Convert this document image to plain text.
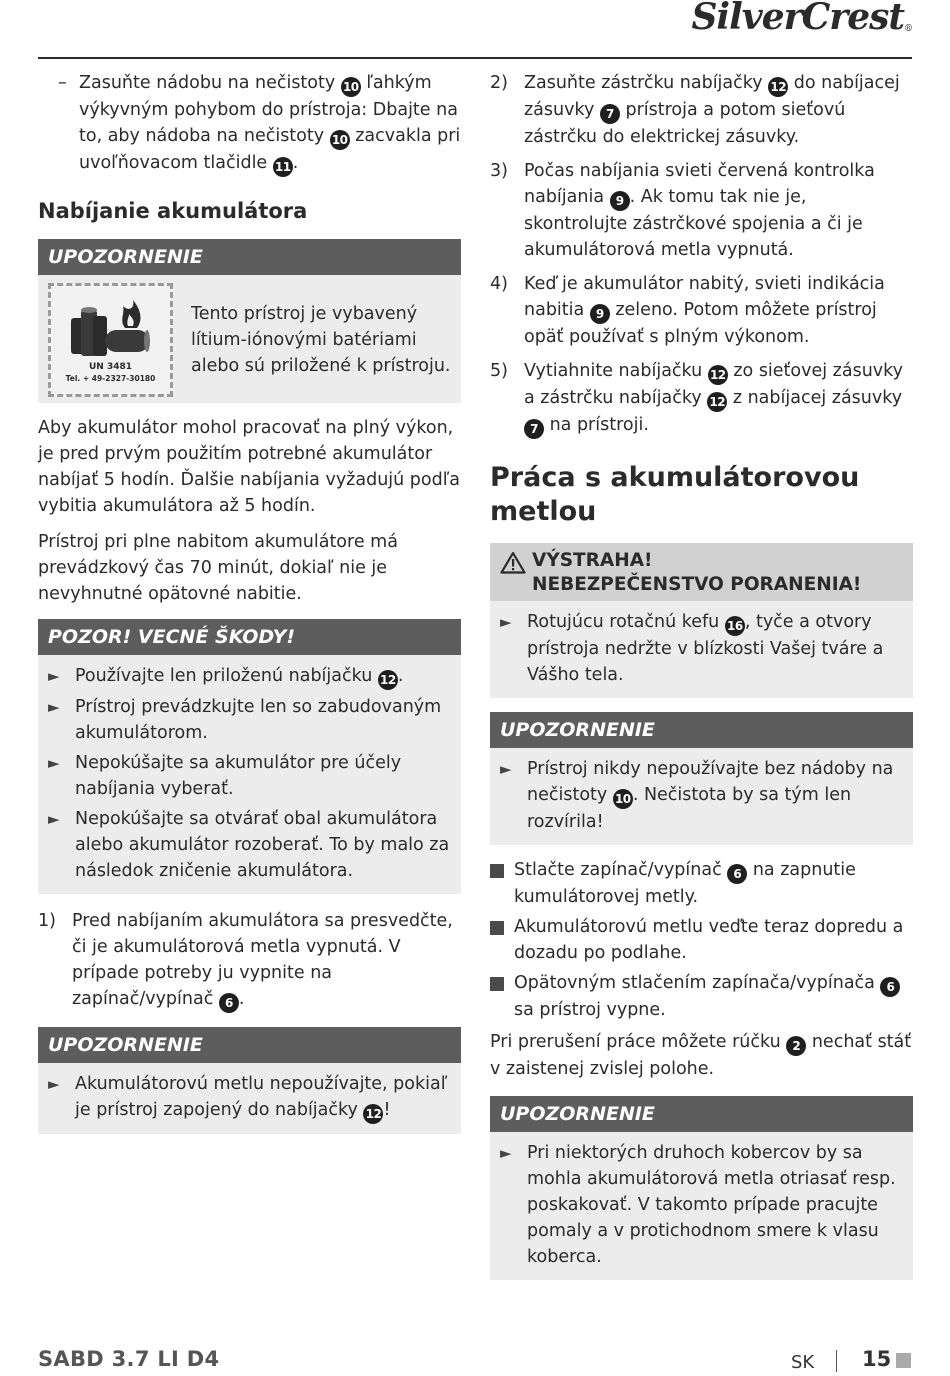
SilverCrest®
– Zasuňte nádobu na nečistoty 10 ľahkým výkyvným pohybom do prístroja: Dbajte na to, aby nádoba na nečistoty 10 zacvakla pri uvoľňovacom tlačidle 11 .
Nabíjanie akumulátora
UPOZORNENIE
UN 3481
Tel. + 49-2327-30180
Tento prístroj je vybavený lítium-iónovými batériami alebo sú priložené k prístroju.

Aby akumulátor mohol pracovať na plný výkon, je pred prvým použitím potrebné akumulátor nabíjať 5 hodín. Ďalšie nabíjania vyžadujú podľa vybitia akumulátora až 5 hodín.

Prístroj pri plne nabitom akumulátore má prevádzkový čas 70 minút, dokiaľ nie je nevyhnutné opätovné nabitie.

POZOR! VECNÉ ŠKODY!
► Používajte len priloženú nabíjačku 12 .
► Prístroj prevádzkujte len so zabudovaným akumulátorom.
► Nepokúšajte sa akumulátor pre účely nabíjania vyberať.
► Nepokúšajte sa otvárať obal akumulátora alebo akumulátor rozoberať. To by malo za následok zničenie akumulátora.
1) Pred nabíjaním akumulátora sa presvedčte, či je akumulátorová metla vypnutá. V prípade potreby ju vypnite na zapínač/vypínač 6 .
UPOZORNENIE
► Akumulátorovú metlu nepoužívajte, pokiaľ je prístroj zapojený do nabíjačky 12 !
2) Zasuňte zástrčku nabíjačky 12 do nabíjacej zásuvky 7 prístroja a potom sieťovú zástrčku do elektrickej zásuvky.
3) Počas nabíjania svieti červená kontrolka nabíjania 9 . Ak tomu tak nie je, skontrolujte zástrčkové spojenia a či je akumulátorová metla vypnutá.
4) Keď je akumulátor nabitý, svieti indikácia nabitia 9 zeleno. Potom môžete prístroj opäť používať s plným výkonom.
5) Vytiahnite nabíjačku 12 zo sieťovej zásuvky a zástrčku nabíjačky 12 z nabíjacej zásuvky 7 na prístroji.
Práca s akumulátorovou metlou
VÝSTRAHA!
NEBEZPEČENSTVO PORANENIA!
► Rotujúcu rotačnú kefu 16 , tyče a otvory prístroja nedržte v blízkosti Vašej tváre a Vášho tela.
UPOZORNENIE
► Prístroj nikdy nepoužívajte bez nádoby na nečistoty 10 . Nečistota by sa tým len rozvírila!
Stlačte zapínač/vypínač 6 na zapnutie kumulátorovej metly.
Akumulátorovú metlu veďte teraz dopredu a dozadu po podlahe.
Opätovným stlačením zapínača/vypínača 6 sa prístroj vypne.

Pri prerušení práce môžete rúčku 2 nechať stáť v zaistenej zvislej polohe.

UPOZORNENIE
► Pri niektorých druhoch kobercov by sa mohla akumulátorová metla otriasať resp. poskakovať. V takomto prípade pracujte pomaly a v protichodnom smere k vlasu koberca.
SABD 3.7 LI D4	SK 15
